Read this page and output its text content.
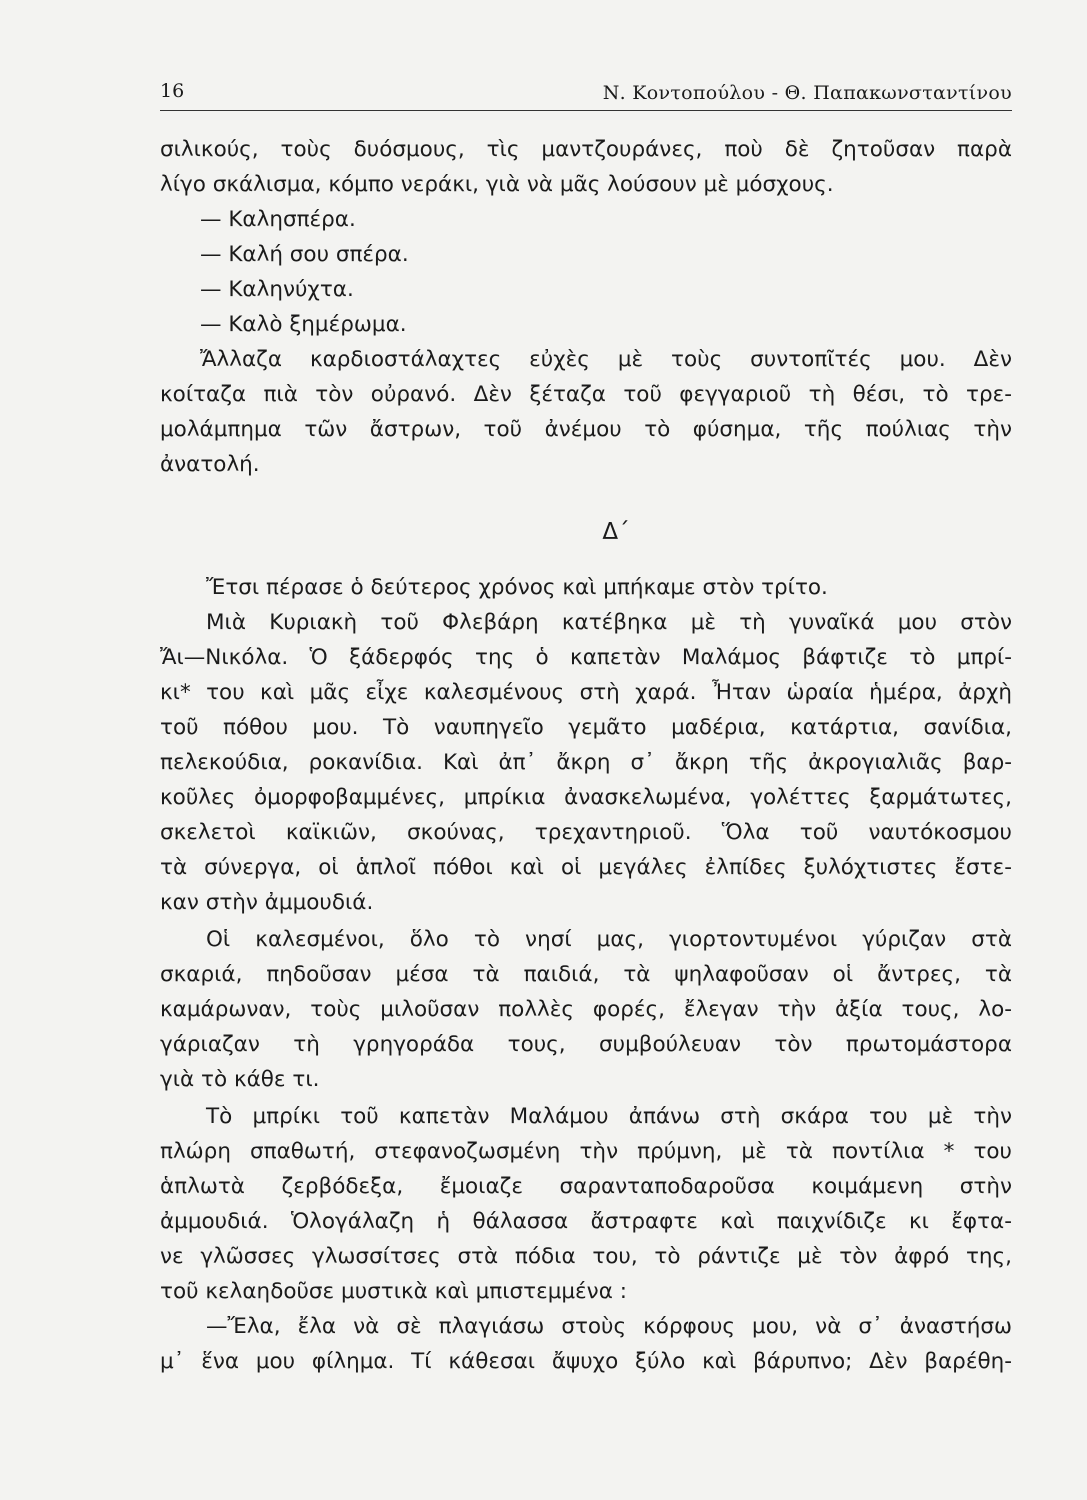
16	Ν. Κοντοπούλου - Θ. Παπακωνσταντίνου
σιλικούς, τοὺς δυόσμους, τὶς μαντζουράνες, ποὺ δὲ ζητοῦσαν παρὰ
λίγο σκάλισμα, κόμπο νεράκι, γιὰ νὰ μᾶς λούσουν μὲ μόσχους.
— Καλησπέρα.
— Καλή σου σπέρα.
— Καληνύχτα.
— Καλὸ ξημέρωμα.
Ἄλλαζα καρδιοστάλαχτες εὐχὲς μὲ τοὺς συντοπῖτές μου. Δὲν
κοίταζα πιὰ τὸν οὐρανό. Δὲν ξέταζα τοῦ φεγγαριοῦ τὴ θέσι, τὸ τρε-
μολάμπημα τῶν ἄστρων, τοῦ ἀνέμου τὸ φύσημα, τῆς πούλιας τὴν
ἀνατολή.
Δ΄
Ἔτσι πέρασε ὁ δεύτερος χρόνος καὶ μπήκαμε στὸν τρίτο.
Μιὰ Κυριακὴ τοῦ Φλεβάρη κατέβηκα μὲ τὴ γυναῖκά μου στὸν
Ἄι—Νικόλα. Ὁ ξάδερφός της ὁ καπετὰν Μαλάμος βάφτιζε τὸ μπρί-
κι* του καὶ μᾶς εἶχε καλεσμένους στὴ χαρά. Ἦταν ὡραία ἡμέρα, ἀρχὴ
τοῦ πόθου μου. Τὸ ναυπηγεῖο γεμᾶτο μαδέρια, κατάρτια, σανίδια,
πελεκούδια, ροκανίδια. Καὶ ἀπ᾽ ἄκρη σ᾽ ἄκρη τῆς ἀκρογιαλιᾶς βαρ-
κοῦλες ὀμορφοβαμμένες, μπρίκια ἀνασκελωμένα, γολέττες ξαρμάτωτες,
σκελετοὶ καϊκιῶν, σκούνας, τρεχαντηριοῦ. Ὅλα τοῦ ναυτόκοσμου
τὰ σύνεργα, οἱ ἁπλοῖ πόθοι καὶ οἱ μεγάλες ἐλπίδες ξυλόχτιστες ἔστε-
καν στὴν ἀμμουδιά.
Οἱ καλεσμένοι, ὅλο τὸ νησί μας, γιορτοντυμένοι γύριζαν στὰ
σκαριά, πηδοῦσαν μέσα τὰ παιδιά, τὰ ψηλαφοῦσαν οἱ ἄντρες, τὰ
καμάρωναν, τοὺς μιλοῦσαν πολλὲς φορές, ἔλεγαν τὴν ἀξία τους, λο-
γάριαζαν τὴ γρηγοράδα τους, συμβούλευαν τὸν πρωτομάστορα
γιὰ τὸ κάθε τι.
Τὸ μπρίκι τοῦ καπετὰν Μαλάμου ἀπάνω στὴ σκάρα του μὲ τὴν
πλώρη σπαθωτή, στεφανοζωσμένη τὴν πρύμνη, μὲ τὰ ποντίλια * του
ἁπλωτὰ ζερβόδεξα, ἔμοιαζε σαρανταποδαροῦσα κοιμάμενη στὴν
ἀμμουδιά. Ὁλογάλαζη ἡ θάλασσα ἄστραφτε καὶ παιχνίδιζε κι ἔφτα-
νε γλῶσσες γλωσσίτσες στὰ πόδια του, τὸ ράντιζε μὲ τὸν ἀφρό της,
τοῦ κελαηδοῦσε μυστικὰ καὶ μπιστεμμένα :
—Ἔλα, ἔλα νὰ σὲ πλαγιάσω στοὺς κόρφους μου, νὰ σ᾽ ἀναστήσω
μ᾽ ἕνα μου φίλημα. Τί κάθεσαι ἄψυχο ξύλο καὶ βάρυπνο; Δὲν βαρέθη-
